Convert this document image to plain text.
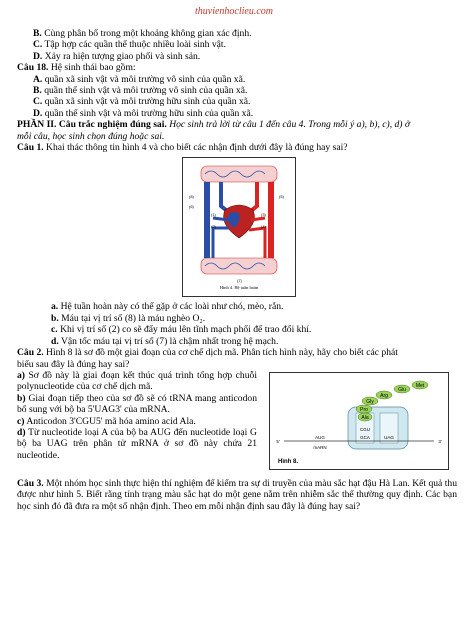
thuvienhoclieu.com
B. Cùng phân bố trong một khoảng không gian xác định.
C. Tập hợp các quần thể thuộc nhiều loài sinh vật.
D. Xảy ra hiện tượng giao phối và sinh sản.
Câu 18. Hệ sinh thái bao gồm:
A. quần xã sinh vật và môi trường vô sinh của quần xã.
B. quần thể sinh vật và môi trường vô sinh của quần xã.
C. quần xã sinh vật và môi trường hữu sinh của quần xã.
D. quần thể sinh vật và môi trường hữu sinh của quần xã.
PHẦN II. Câu trắc nghiệm đúng sai. Học sinh trả lời từ câu 1 đến câu 4. Trong mỗi ý a), b), c), d) ở
mỗi câu, học sinh chọn đúng hoặc sai.
Câu 1. Khai thác thông tin hình 4 và cho biết các nhận định dưới đây là đúng hay sai?
(8)
(6)
(1)
(2)
(3)
(4)
(5)
(7)
Hình 4. Hệ tuần hoàn
a. Hệ tuần hoàn này có thể gặp ở các loài như chó, mèo, rắn.
b. Máu tại vị trí số (8) là máu nghèo O₂.
c. Khi vị trí số (2) co sẽ đẩy máu lên tĩnh mạch phổi để trao đổi khí.
d. Vận tốc máu tại vị trí số (7) là chậm nhất trong hệ mạch.
Câu 2. Hình 8 là sơ đồ một giai đoạn của cơ chế dịch mã. Phân tích hình này, hãy cho biết các phát
biểu sau đây là đúng hay sai?
a) Sơ đồ này là giai đoạn kết thúc quá trình tổng hợp chuỗi polynucleotide của cơ chế dịch mã.
b) Giai đoạn tiếp theo của sơ đồ sẽ có tRNA mang anticodon bổ sung với bộ ba 5'UAG3' của mRNA.
c) Anticodon 3'CGU5' mã hóa amino acid Ala.
d) Từ nucleotide loại A của bộ ba AUG đến nucleotide loại G bộ ba UAG trên phân tử mRNA ở sơ đồ này chứa 21 nucleotide.
Met
Glu
Arg
Gly
Pro
Ala
CGU
GCA	UAG
AUG
mARN
5'	3'
Hình 8.
Câu 3. Một nhóm học sinh thực hiện thí nghiệm để kiểm tra sự di truyền của màu sắc hạt đậu Hà Lan. Kết quả thu được như hình 5. Biết rằng tính trạng màu sắc hạt do một gene nằm trên nhiễm sắc thể thường quy định. Các bạn học sinh đó đã đưa ra một số nhận định. Theo em mỗi nhận định sau đây là đúng hay sai?
